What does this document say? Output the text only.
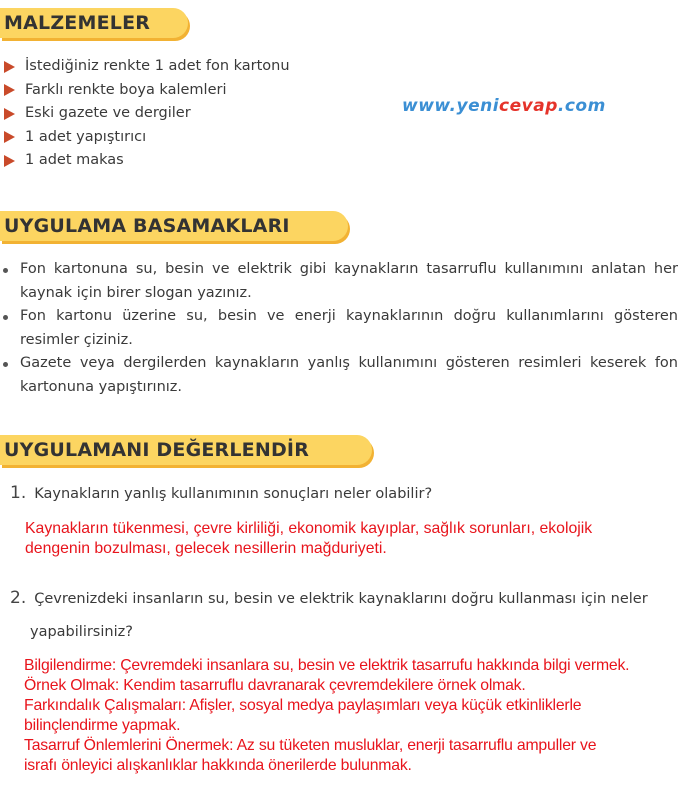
MALZEMELER
İstediğiniz renkte 1 adet fon kartonu
Farklı renkte boya kalemleri
Eski gazete ve dergiler
1 adet yapıştırıcı
1 adet makas
www.yenicevap.com
UYGULAMA BASAMAKLARI
Fon kartonuna su, besin ve elektrik gibi kaynakların tasarruflu kullanımını anlatan her kaynak için birer slogan yazınız.
Fon kartonu üzerine su, besin ve enerji kaynaklarının doğru kullanımlarını gösteren resimler çiziniz.
Gazete veya dergilerden kaynakların yanlış kullanımını gösteren resimleri keserek fon kartonuna yapıştırınız.
UYGULAMANI DEĞERLENDİR
1. Kaynakların yanlış kullanımının sonuçları neler olabilir?
Kaynakların tükenmesi, çevre kirliliği, ekonomik kayıplar, sağlık sorunları, ekolojik
dengenin bozulması, gelecek nesillerin mağduriyeti.
2. Çevrenizdeki insanların su, besin ve elektrik kaynaklarını doğru kullanması için neler
yapabilirsiniz?
Bilgilendirme: Çevremdeki insanlara su, besin ve elektrik tasarrufu hakkında bilgi vermek.
Örnek Olmak: Kendim tasarruflu davranarak çevremdekilere örnek olmak.
Farkındalık Çalışmaları: Afişler, sosyal medya paylaşımları veya küçük etkinliklerle
bilinçlendirme yapmak.
Tasarruf Önlemlerini Önermek: Az su tüketen musluklar, enerji tasarruflu ampuller ve
israfı önleyici alışkanlıklar hakkında önerilerde bulunmak.
